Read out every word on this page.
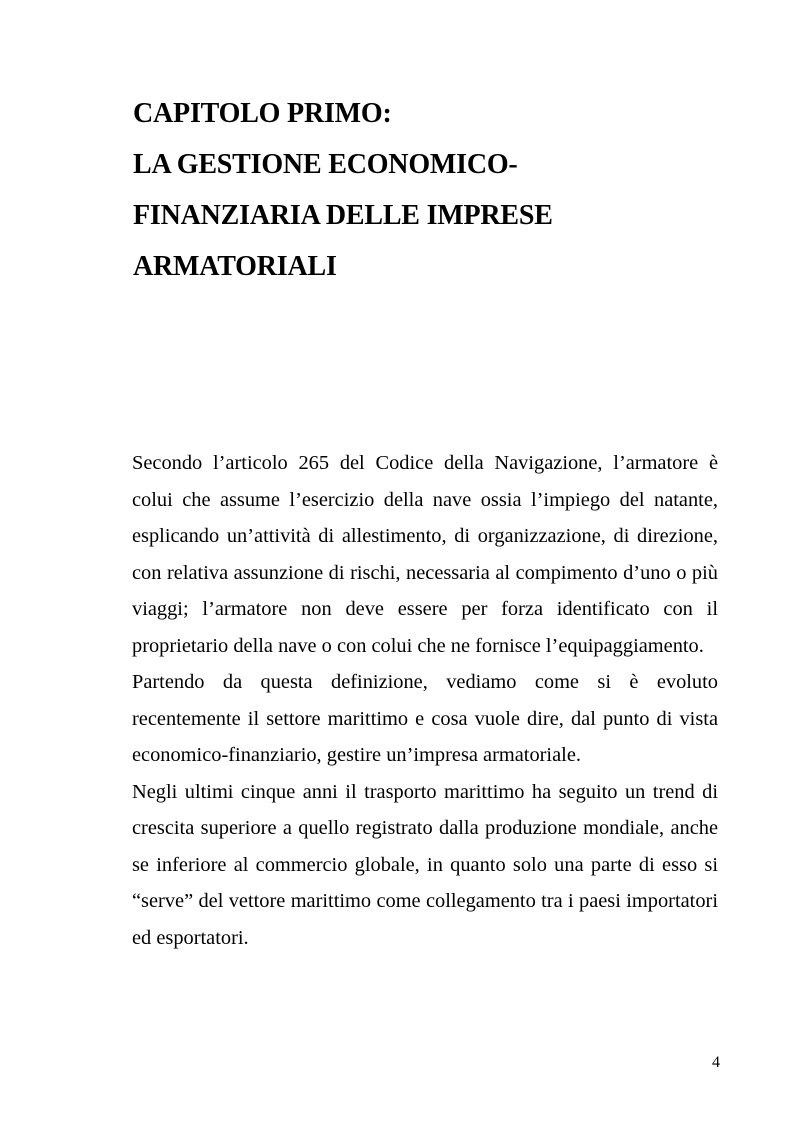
CAPITOLO PRIMO:
LA GESTIONE ECONOMICO-
FINANZIARIA DELLE IMPRESE
ARMATORIALI

Secondo l’articolo 265 del Codice della Navigazione, l’armatore è colui che assume l’esercizio della nave ossia l’impiego del natante, esplicando un’attività di allestimento, di organizzazione, di direzione, con relativa assunzione di rischi, necessaria al compimento d’uno o più viaggi; l’armatore non deve essere per forza identificato con il proprietario della nave o con colui che ne fornisce l’equipaggiamento.

Partendo da questa definizione, vediamo come si è evoluto recentemente il settore marittimo e cosa vuole dire, dal punto di vista economico-finanziario, gestire un’impresa armatoriale.

Negli ultimi cinque anni il trasporto marittimo ha seguito un trend di crescita superiore a quello registrato dalla produzione mondiale, anche se inferiore al commercio globale, in quanto solo una parte di esso si “serve” del vettore marittimo come collegamento tra i paesi importatori ed esportatori.

4
